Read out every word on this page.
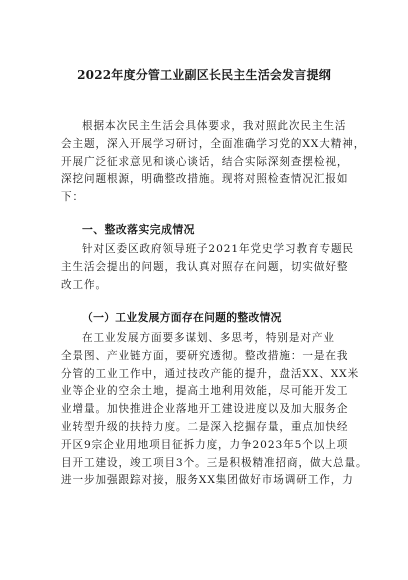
2022年度分管工业副区长民主生活会发言提纲
根据本次民主生活会具体要求，我对照此次民主生活
会主题，深入开展学习研讨，全面准确学习党的XX大精神，
开展广泛征求意见和谈心谈话，结合实际深刻查摆检视，
深挖问题根源，明确整改措施。现将对照检查情况汇报如
下：
一、整改落实完成情况
针对区委区政府领导班子2021年党史学习教育专题民
主生活会提出的问题，我认真对照存在问题，切实做好整
改工作。
（一）工业发展方面存在问题的整改情况
在工业发展方面要多谋划、多思考，特别是对产业
全景图、产业链方面，要研究透彻。整改措施：一是在我
分管的工业工作中，通过技改产能的提升，盘活XX、XX米
业等企业的空余土地，提高土地利用效能，尽可能开发工
业增量。加快推进企业落地开工建设进度以及加大服务企
业转型升级的扶持力度。二是深入挖掘存量，重点加快经
开区9宗企业用地项目征拆力度，力争2023年5个以上项
目开工建设，竣工项目3个。三是积极精准招商，做大总量。
进一步加强跟踪对接，服务XX集团做好市场调研工作，力
